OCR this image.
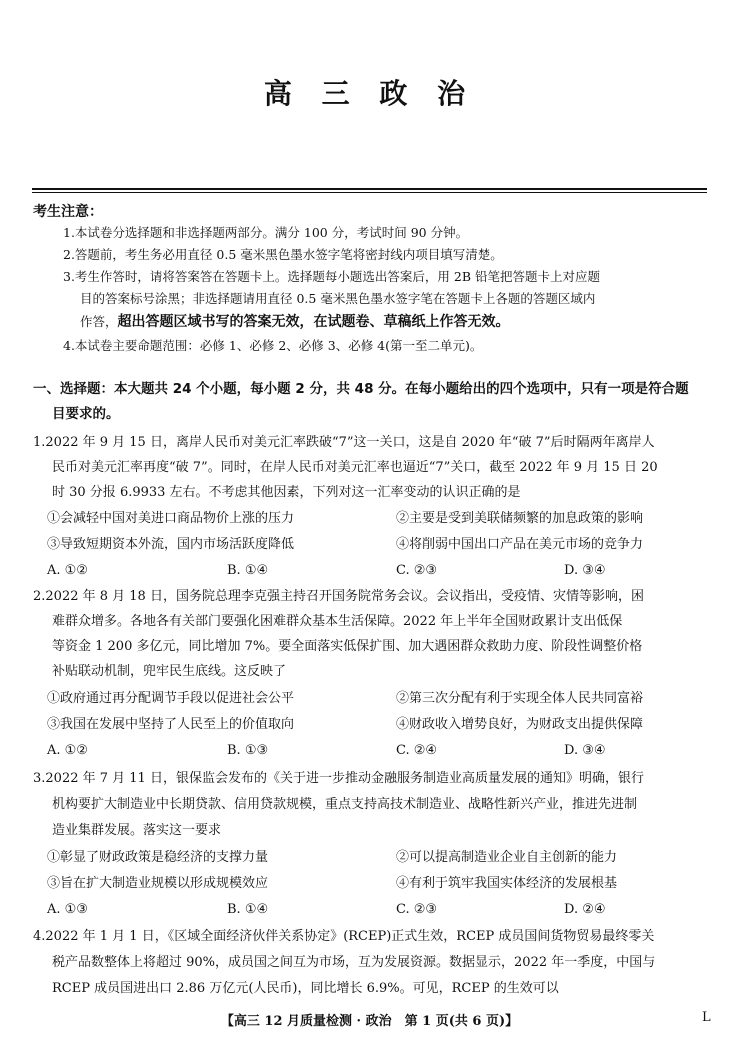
高 三 政 治
考生注意：
1.本试卷分选择题和非选择题两部分。满分 100 分，考试时间 90 分钟。
2.答题前，考生务必用直径 0.5 毫米黑色墨水签字笔将密封线内项目填写清楚。
3.考生作答时，请将答案答在答题卡上。选择题每小题选出答案后，用 2B 铅笔把答题卡上对应题
目的答案标号涂黑；非选择题请用直径 0.5 毫米黑色墨水签字笔在答题卡上各题的答题区域内
作答，超出答题区域书写的答案无效，在试题卷、草稿纸上作答无效。
4.本试卷主要命题范围：必修 1、必修 2、必修 3、必修 4(第一至二单元)。
一、选择题：本大题共 24 个小题，每小题 2 分，共 48 分。在每小题给出的四个选项中，只有一项是符合题
目要求的。
1.2022 年 9 月 15 日，离岸人民币对美元汇率跌破“7”这一关口，这是自 2020 年“破 7”后时隔两年离岸人
民币对美元汇率再度“破 7”。同时，在岸人民币对美元汇率也逼近“7”关口，截至 2022 年 9 月 15 日 20
时 30 分报 6.9933 左右。不考虑其他因素，下列对这一汇率变动的认识正确的是
①会减轻中国对美进口商品物价上涨的压力	②主要是受到美联储频繁的加息政策的影响
③导致短期资本外流，国内市场活跃度降低	④将削弱中国出口产品在美元市场的竞争力
A. ①②	B. ①④	C. ②③	D. ③④
2.2022 年 8 月 18 日，国务院总理李克强主持召开国务院常务会议。会议指出，受疫情、灾情等影响，困
难群众增多。各地各有关部门要强化困难群众基本生活保障。2022 年上半年全国财政累计支出低保
等资金 1 200 多亿元，同比增加 7%。要全面落实低保扩围、加大遇困群众救助力度、阶段性调整价格
补贴联动机制，兜牢民生底线。这反映了
①政府通过再分配调节手段以促进社会公平	②第三次分配有利于实现全体人民共同富裕
③我国在发展中坚持了人民至上的价值取向	④财政收入增势良好，为财政支出提供保障
A. ①②	B. ①③	C. ②④	D. ③④
3.2022 年 7 月 11 日，银保监会发布的《关于进一步推动金融服务制造业高质量发展的通知》明确，银行
机构要扩大制造业中长期贷款、信用贷款规模，重点支持高技术制造业、战略性新兴产业，推进先进制
造业集群发展。落实这一要求
①彰显了财政政策是稳经济的支撑力量	②可以提高制造业企业自主创新的能力
③旨在扩大制造业规模以形成规模效应	④有利于筑牢我国实体经济的发展根基
A. ①③	B. ①④	C. ②③	D. ②④
4.2022 年 1 月 1 日，《区域全面经济伙伴关系协定》(RCEP)正式生效，RCEP 成员国间货物贸易最终零关
税产品数整体上将超过 90%，成员国之间互为市场，互为发展资源。数据显示，2022 年一季度，中国与
RCEP 成员国进出口 2.86 万亿元(人民币)，同比增长 6.9%。可见，RCEP 的生效可以
【高三 12 月质量检测 · 政治　第 1 页(共 6 页)】	L
